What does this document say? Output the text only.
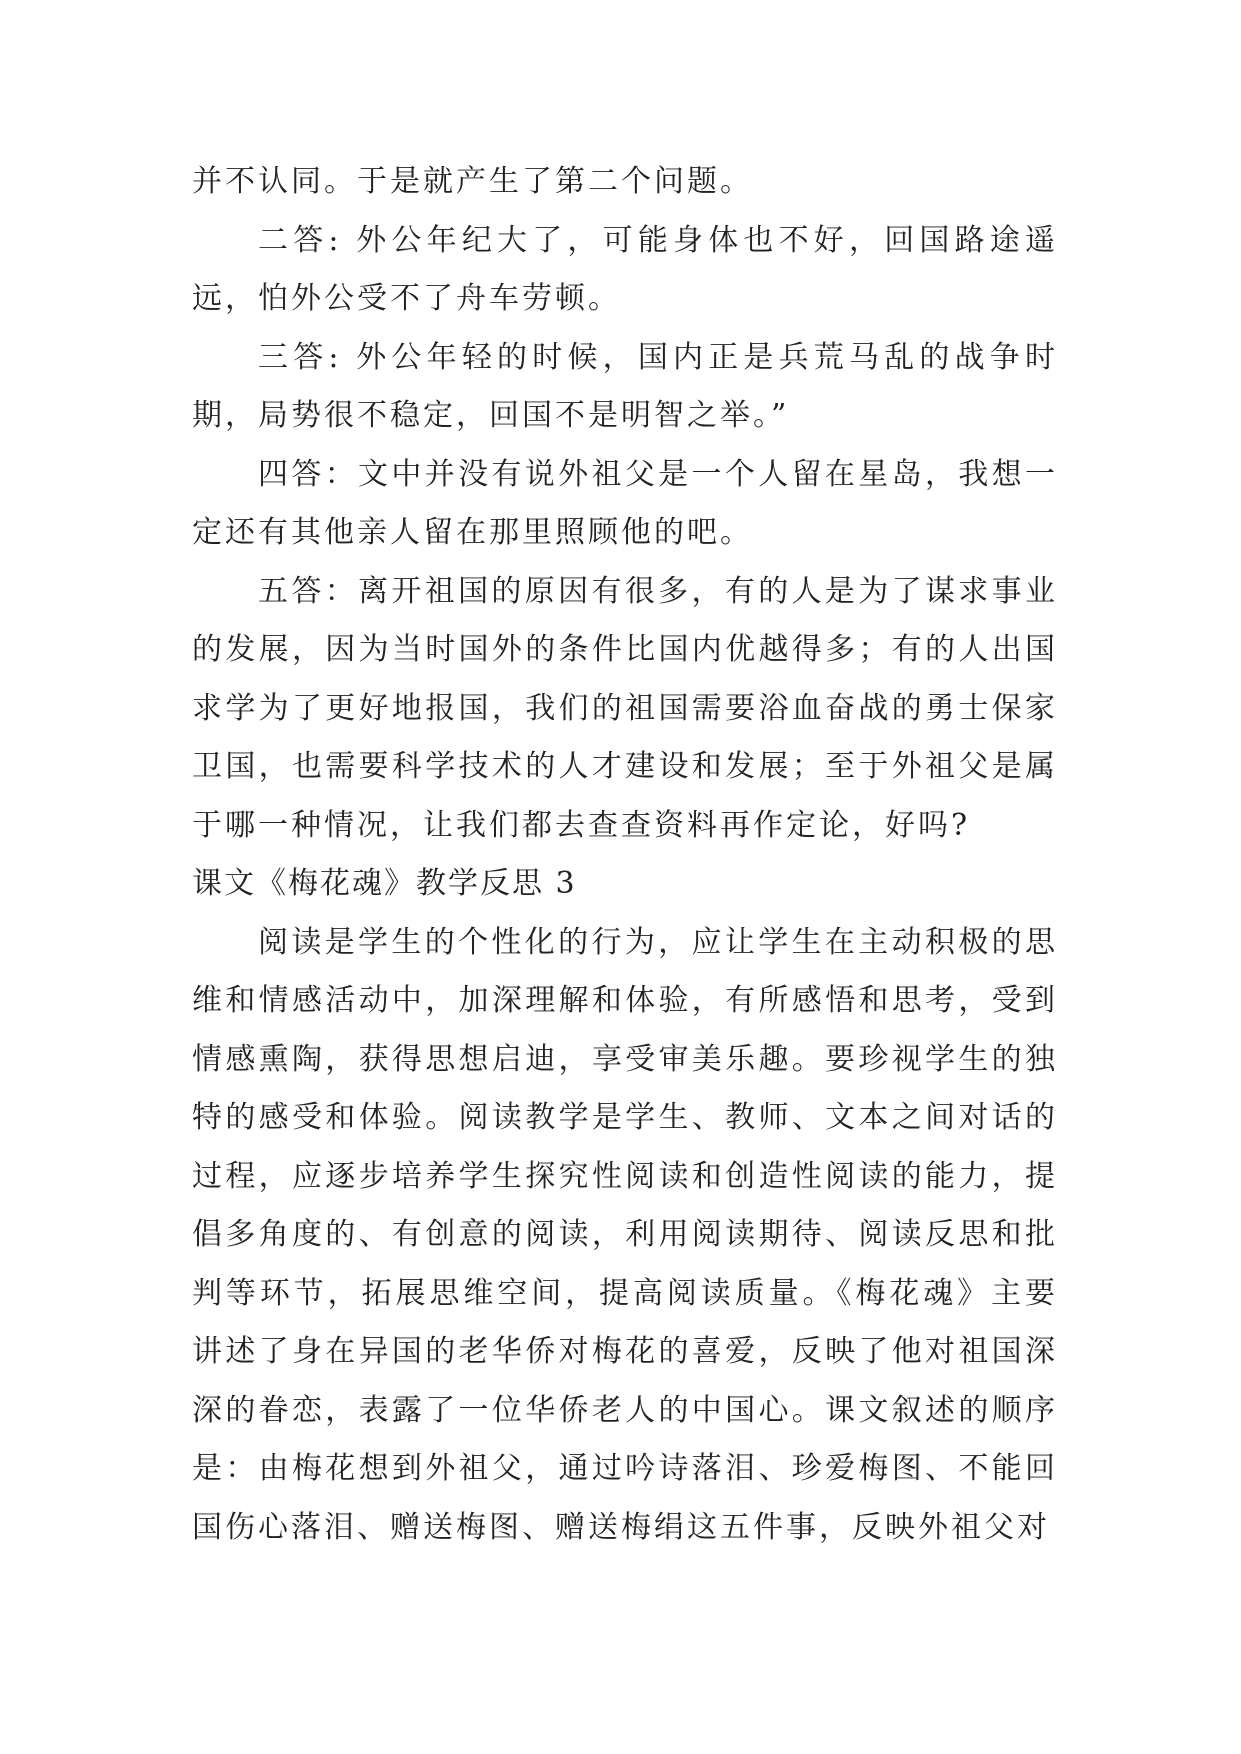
并不认同。于是就产生了第二个问题。

二答: 外公年纪大了，可能身体也不好，回国路途遥远，怕外公受不了舟车劳顿。

三答: 外公年轻的时候，国内正是兵荒马乱的战争时期，局势很不稳定，回国不是明智之举。”

四答：文中并没有说外祖父是一个人留在星岛，我想一定还有其他亲人留在那里照顾他的吧。

五答：离开祖国的原因有很多，有的人是为了谋求事业的发展，因为当时国外的条件比国内优越得多；有的人出国求学为了更好地报国，我们的祖国需要浴血奋战的勇士保家卫国，也需要科学技术的人才建设和发展；至于外祖父是属于哪一种情况，让我们都去查查资料再作定论，好吗?

课文《梅花魂》教学反思 3

阅读是学生的个性化的行为，应让学生在主动积极的思维和情感活动中，加深理解和体验，有所感悟和思考，受到情感熏陶，获得思想启迪，享受审美乐趣。要珍视学生的独特的感受和体验。阅读教学是学生、教师、文本之间对话的过程，应逐步培养学生探究性阅读和创造性阅读的能力，提倡多角度的、有创意的阅读，利用阅读期待、阅读反思和批判等环节，拓展思维空间，提高阅读质量。《梅花魂》主要讲述了身在异国的老华侨对梅花的喜爱，反映了他对祖国深深的眷恋，表露了一位华侨老人的中国心。课文叙述的顺序是：由梅花想到外祖父，通过吟诗落泪、珍爱梅图、不能回国伤心落泪、赠送梅图、赠送梅绢这五件事，反映外祖父对
